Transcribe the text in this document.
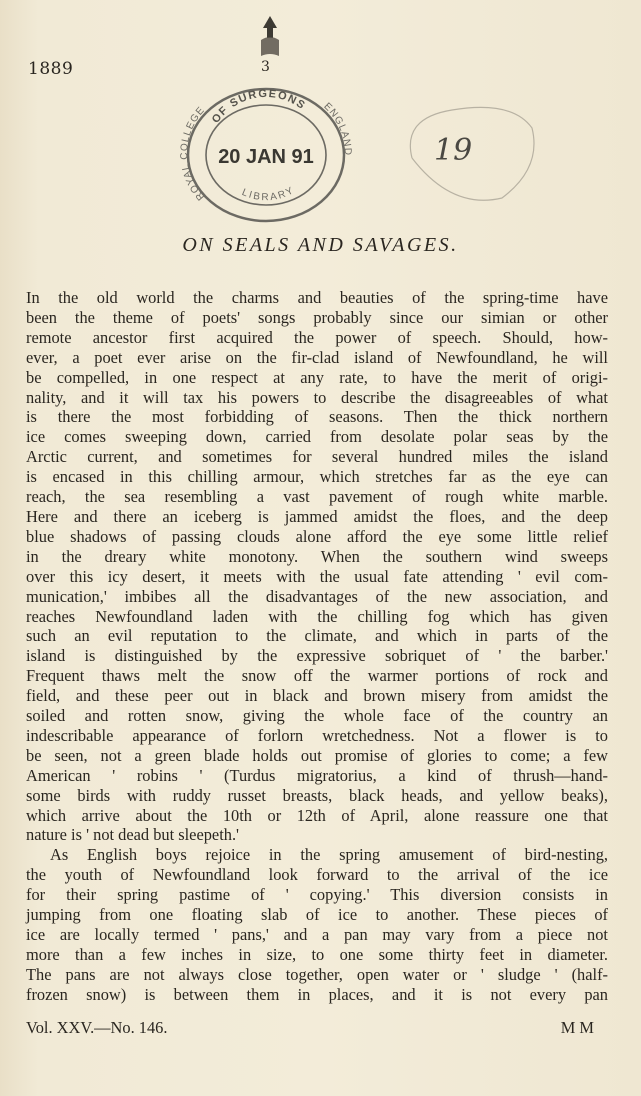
1889	3
OF SURGEONS
ROYAL COLLEGE	ENGLAND
LIBRARY
20 JAN 91	19
ON SEALS AND SAVAGES.
In the old world the charms and beauties of the spring-time have
been the theme of poets' songs probably since our simian or other
remote ancestor first acquired the power of speech. Should, how-
ever, a poet ever arise on the fir-clad island of Newfoundland, he will
be compelled, in one respect at any rate, to have the merit of origi-
nality, and it will tax his powers to describe the disagreeables of what
is there the most forbidding of seasons. Then the thick northern
ice comes sweeping down, carried from desolate polar seas by the
Arctic current, and sometimes for several hundred miles the island
is encased in this chilling armour, which stretches far as the eye can
reach, the sea resembling a vast pavement of rough white marble.
Here and there an iceberg is jammed amidst the floes, and the deep
blue shadows of passing clouds alone afford the eye some little relief
in the dreary white monotony. When the southern wind sweeps
over this icy desert, it meets with the usual fate attending ' evil com-
munication,' imbibes all the disadvantages of the new association, and
reaches Newfoundland laden with the chilling fog which has given
such an evil reputation to the climate, and which in parts of the
island is distinguished by the expressive sobriquet of ' the barber.'
Frequent thaws melt the snow off the warmer portions of rock and
field, and these peer out in black and brown misery from amidst the
soiled and rotten snow, giving the whole face of the country an
indescribable appearance of forlorn wretchedness. Not a flower is to
be seen, not a green blade holds out promise of glories to come; a few
American ' robins ' (Turdus migratorius, a kind of thrush—hand-
some birds with ruddy russet breasts, black heads, and yellow beaks),
which arrive about the 10th or 12th of April, alone reassure one that
nature is ' not dead but sleepeth.'
As English boys rejoice in the spring amusement of bird-nesting,
the youth of Newfoundland look forward to the arrival of the ice
for their spring pastime of ' copying.' This diversion consists in
jumping from one floating slab of ice to another. These pieces of
ice are locally termed ' pans,' and a pan may vary from a piece not
more than a few inches in size, to one some thirty feet in diameter.
The pans are not always close together, open water or ' sludge ' (half-
frozen snow) is between them in places, and it is not every pan
Vol. XXV.—No. 146.	M M
